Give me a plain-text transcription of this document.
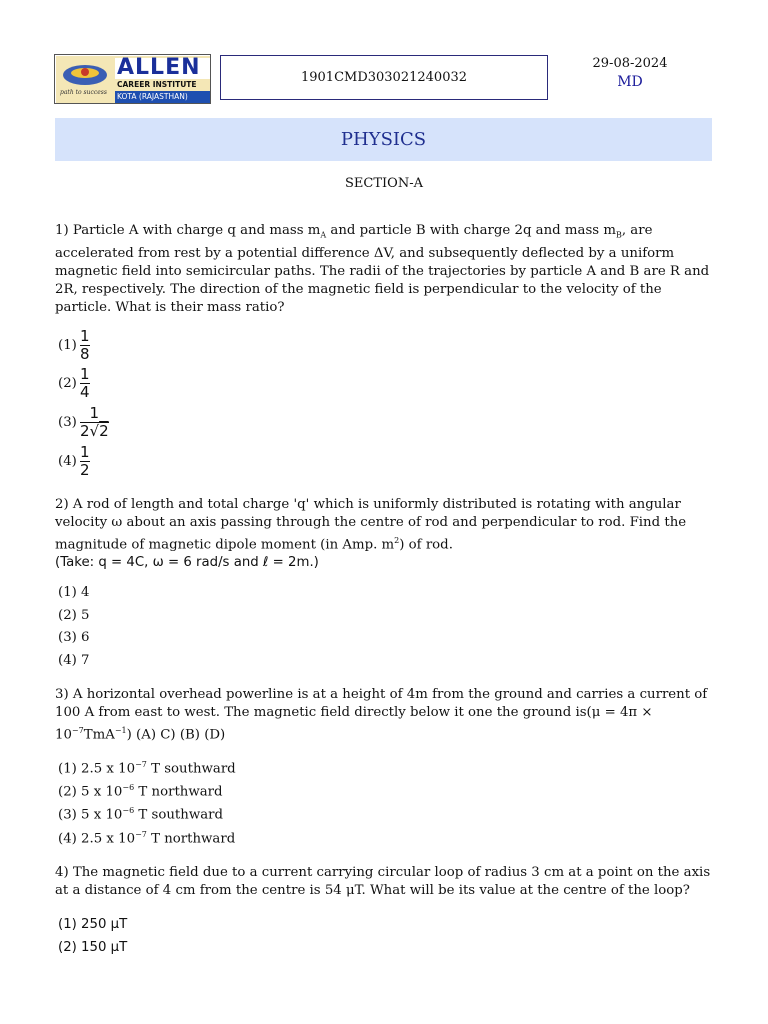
ALLEN
CAREER INSTITUTE
KOTA (RAJASTHAN)
path to success
1901CMD303021240032
29-08-2024
MD
PHYSICS
SECTION-A
1) Particle A with charge q and mass $m_A$ and particle B with charge 2q and mass $m_B$, are accelerated from rest by a potential difference ΔV, and subsequently deflected by a uniform magnetic field into semicircular paths. The radii of the trajectories by particle A and B are R and 2R, respectively. The direction of the magnetic field is perpendicular to the velocity of the particle. What is their mass ratio?
(1)
1
8
(2)
1
4
(3)
1
2√2
(4)
1
2
2) A rod of length and total charge 'q' which is uniformly distributed is rotating with angular velocity ω about an axis passing through the centre of rod and perpendicular to rod. Find the magnitude of magnetic dipole moment (in Amp. $m^2$) of rod.
(Take: q = 4C, ω = 6 rad/s and ℓ = 2m.)
(1) 4
(2) 5
(3) 6
(4) 7
3) A horizontal overhead powerline is at a height of 4m from the ground and carries a current of 100 A from east to west. The magnetic field directly below it one the ground $is(\mu = 4\pi \times 10^{-7}TmA^{-1})$ (A) C) (B) (D)
(1) 2.5 x $10^{-7}$ T southward
(2) 5 x $10^{-6}$ T northward
(3) 5 x $10^{-6}$ T southward
(4) 2.5 x $10^{-7}$ T northward
4) The magnetic field due to a current carrying circular loop of radius 3 cm at a point on the axis at a distance of 4 cm from the centre is 54 μT. What will be its value at the centre of the loop?
(1) 250 μT
(2) 150 μT
